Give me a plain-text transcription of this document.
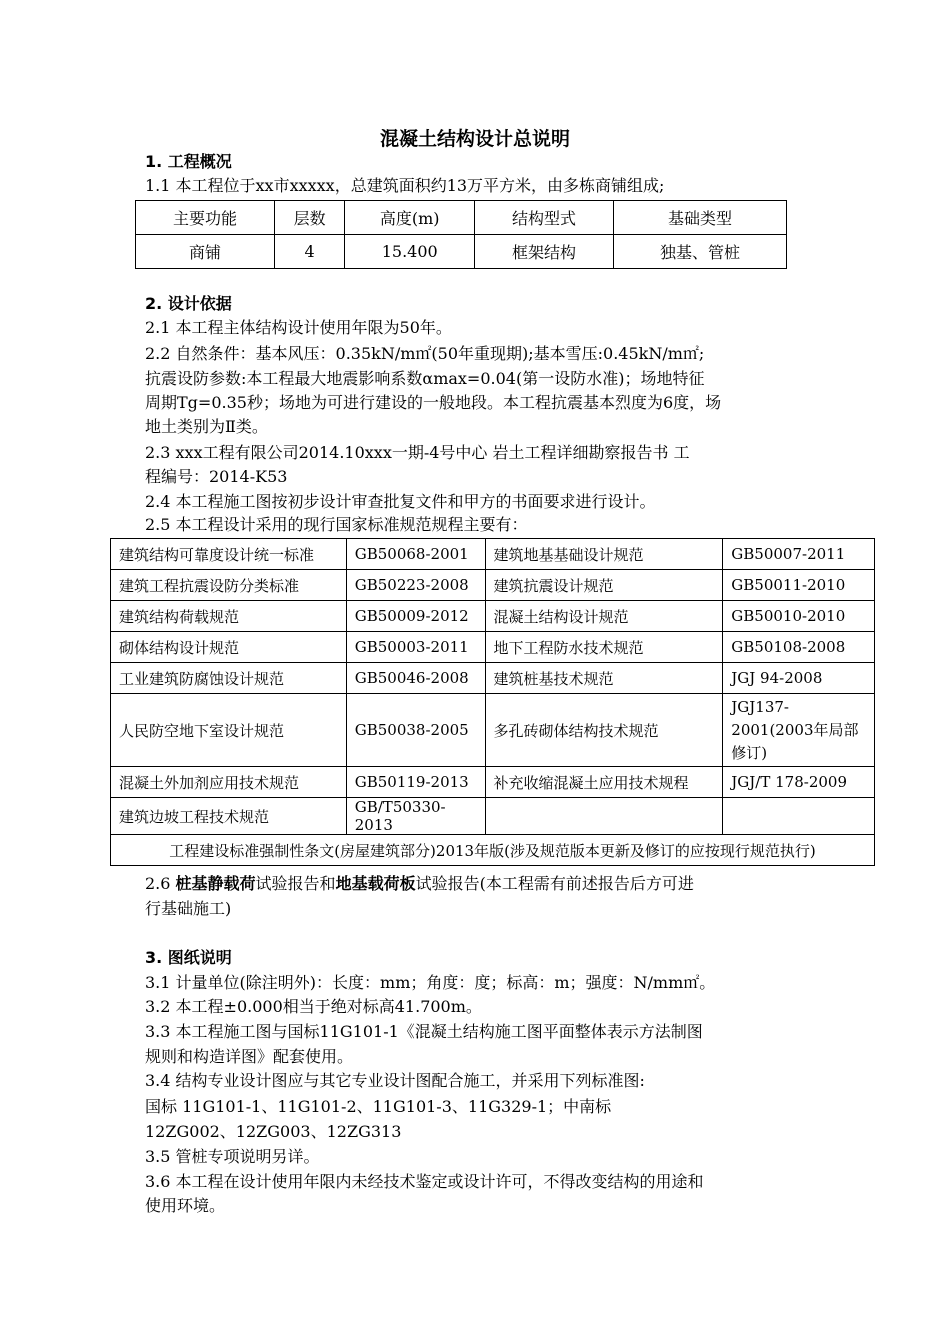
混凝土结构设计总说明
1. 工程概况
1.1 本工程位于xx市xxxxx，总建筑面积约13万平方米，由多栋商铺组成;
主要功能	层数	高度(m)	结构型式	基础类型
商铺	4	15.400	框架结构	独基、管桩
2. 设计依据
2.1 本工程主体结构设计使用年限为50年。
2.2 自然条件：基本风压：0.35kN/m㎡(50年重现期);基本雪压:0.45kN/m㎡;
抗震设防参数:本工程最大地震影响系数αmax=0.04(第一设防水准)；场地特征
周期Tg=0.35秒；场地为可进行建设的一般地段。本工程抗震基本烈度为6度，场
地土类别为Ⅱ类。
2.3 xxx工程有限公司2014.10xxx一期-4号中心 岩土工程详细勘察报告书 工
程编号：2014-K53
2.4 本工程施工图按初步设计审查批复文件和甲方的书面要求进行设计。
2.5 本工程设计采用的现行国家标准规范规程主要有：
建筑结构可靠度设计统一标准	GB50068-2001	建筑地基基础设计规范	GB50007-2011
建筑工程抗震设防分类标准	GB50223-2008	建筑抗震设计规范	GB50011-2010
建筑结构荷载规范	GB50009-2012	混凝土结构设计规范	GB50010-2010
砌体结构设计规范	GB50003-2011	地下工程防水技术规范	GB50108-2008
工业建筑防腐蚀设计规范	GB50046-2008	建筑桩基技术规范	JGJ 94-2008
人民防空地下室设计规范	GB50038-2005	多孔砖砌体结构技术规范	JGJ137-2001(2003年局部修订)
混凝土外加剂应用技术规范	GB50119-2013	补充收缩混凝土应用技术规程	JGJ/T 178-2009
建筑边坡工程技术规范	GB/T50330-2013		
工程建设标准强制性条文(房屋建筑部分)2013年版(涉及规范版本更新及修订的应按现行规范执行)			
2.6 桩基静载荷试验报告和地基载荷板试验报告(本工程需有前述报告后方可进
行基础施工)
3. 图纸说明
3.1 计量单位(除注明外)：长度：mm；角度：度；标高：m；强度：N/mm㎡。
3.2 本工程±0.000相当于绝对标高41.700m。
3.3 本工程施工图与国标11G101-1《混凝土结构施工图平面整体表示方法制图
规则和构造详图》配套使用。
3.4 结构专业设计图应与其它专业设计图配合施工，并采用下列标准图:
国标 11G101-1、11G101-2、11G101-3、11G329-1；中南标
12ZG002、12ZG003、12ZG313
3.5 管桩专项说明另详。
3.6 本工程在设计使用年限内未经技术鉴定或设计许可，不得改变结构的用途和
使用环境。
